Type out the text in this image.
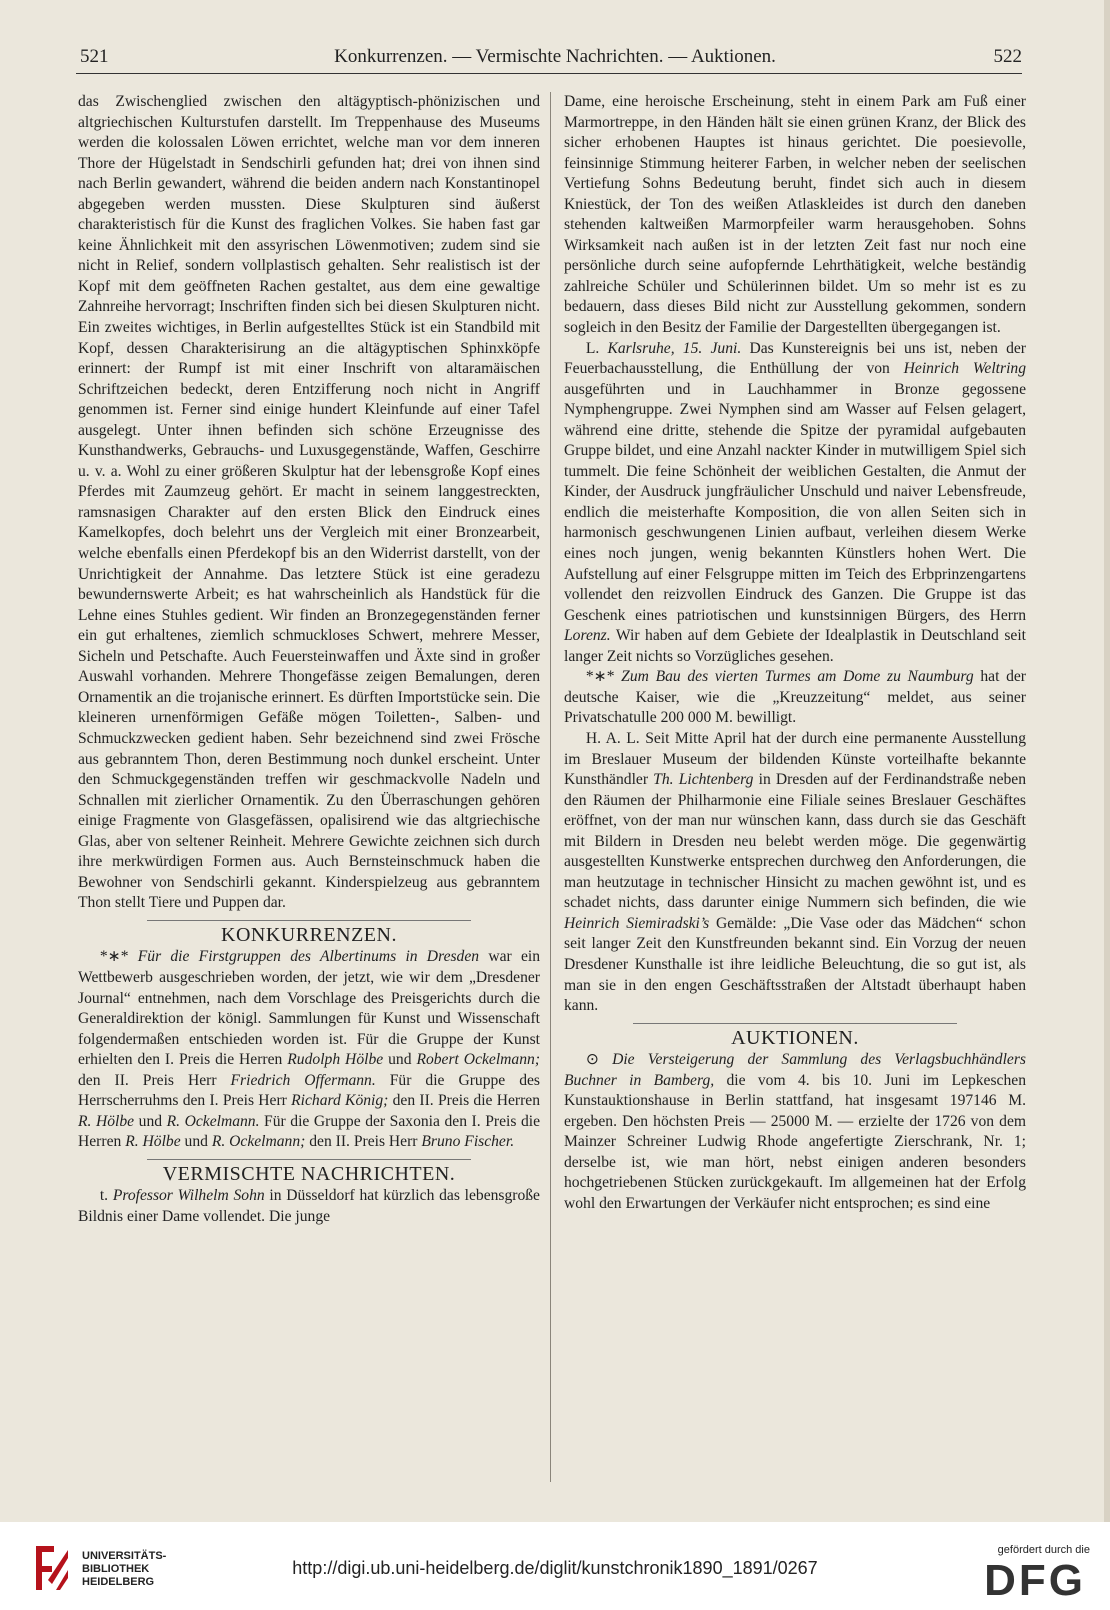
521	Konkurrenzen. — Vermischte Nachrichten. — Auktionen.	522

das Zwischenglied zwischen den altägyptisch-phönizischen und altgriechischen Kulturstufen darstellt. Im Treppenhause des Museums werden die kolossalen Löwen errichtet, welche man vor dem inneren Thore der Hügelstadt in Sendschirli gefunden hat; drei von ihnen sind nach Berlin gewandert, während die beiden andern nach Konstantinopel abgegeben werden mussten. Diese Skulpturen sind äußerst charakteristisch für die Kunst des fraglichen Volkes. Sie haben fast gar keine Ähnlichkeit mit den assyrischen Löwenmotiven; zudem sind sie nicht in Relief, sondern vollplastisch gehalten. Sehr realistisch ist der Kopf mit dem geöffneten Rachen gestaltet, aus dem eine gewaltige Zahnreihe hervorragt; Inschriften finden sich bei diesen Skulpturen nicht. Ein zweites wichtiges, in Berlin aufgestelltes Stück ist ein Standbild mit Kopf, dessen Charakterisirung an die altägyptischen Sphinxköpfe erinnert: der Rumpf ist mit einer Inschrift von altaramäischen Schriftzeichen bedeckt, deren Entzifferung noch nicht in Angriff genommen ist. Ferner sind einige hundert Kleinfunde auf einer Tafel ausgelegt. Unter ihnen befinden sich schöne Erzeugnisse des Kunsthandwerks, Gebrauchs- und Luxusgegenstände, Waffen, Geschirre u. v. a. Wohl zu einer größeren Skulptur hat der lebensgroße Kopf eines Pferdes mit Zaumzeug gehört. Er macht in seinem langgestreckten, ramsnasigen Charakter auf den ersten Blick den Eindruck eines Kamelkopfes, doch belehrt uns der Vergleich mit einer Bronzearbeit, welche ebenfalls einen Pferdekopf bis an den Widerrist darstellt, von der Unrichtigkeit der Annahme. Das letztere Stück ist eine geradezu bewundernswerte Arbeit; es hat wahrscheinlich als Handstück für die Lehne eines Stuhles gedient. Wir finden an Bronzegegenständen ferner ein gut erhaltenes, ziemlich schmuckloses Schwert, mehrere Messer, Sicheln und Petschafte. Auch Feuersteinwaffen und Äxte sind in großer Auswahl vorhanden. Mehrere Thongefässe zeigen Bemalungen, deren Ornamentik an die trojanische erinnert. Es dürften Importstücke sein. Die kleineren urnenförmigen Gefäße mögen Toiletten-, Salben- und Schmuckzwecken gedient haben. Sehr bezeichnend sind zwei Frösche aus gebranntem Thon, deren Bestimmung noch dunkel erscheint. Unter den Schmuckgegenständen treffen wir geschmackvolle Nadeln und Schnallen mit zierlicher Ornamentik. Zu den Überraschungen gehören einige Fragmente von Glasgefässen, opalisirend wie das altgriechische Glas, aber von seltener Reinheit. Mehrere Gewichte zeichnen sich durch ihre merkwürdigen Formen aus. Auch Bernsteinschmuck haben die Bewohner von Sendschirli gekannt. Kinderspielzeug aus gebranntem Thon stellt Tiere und Puppen dar.

KONKURRENZEN.

*∗* Für die Firstgruppen des Albertinums in Dresden war ein Wettbewerb ausgeschrieben worden, der jetzt, wie wir dem „Dresdener Journal“ entnehmen, nach dem Vorschlage des Preisgerichts durch die Generaldirektion der königl. Sammlungen für Kunst und Wissenschaft folgendermaßen entschieden worden ist. Für die Gruppe der Kunst erhielten den I. Preis die Herren Rudolph Hölbe und Robert Ockelmann; den II. Preis Herr Friedrich Offermann. Für die Gruppe des Herrscherruhms den I. Preis Herr Richard König; den II. Preis die Herren R. Hölbe und R. Ockelmann. Für die Gruppe der Saxonia den I. Preis die Herren R. Hölbe und R. Ockelmann; den II. Preis Herr Bruno Fischer.

VERMISCHTE NACHRICHTEN.

t. Professor Wilhelm Sohn in Düsseldorf hat kürzlich das lebensgroße Bildnis einer Dame vollendet. Die junge

Dame, eine heroische Erscheinung, steht in einem Park am Fuß einer Marmortreppe, in den Händen hält sie einen grünen Kranz, der Blick des sicher erhobenen Hauptes ist hinaus gerichtet. Die poesievolle, feinsinnige Stimmung heiterer Farben, in welcher neben der seelischen Vertiefung Sohns Bedeutung beruht, findet sich auch in diesem Kniestück, der Ton des weißen Atlaskleides ist durch den daneben stehenden kaltweißen Marmorpfeiler warm herausgehoben. Sohns Wirksamkeit nach außen ist in der letzten Zeit fast nur noch eine persönliche durch seine aufopfernde Lehrthätigkeit, welche beständig zahlreiche Schüler und Schülerinnen bildet. Um so mehr ist es zu bedauern, dass dieses Bild nicht zur Ausstellung gekommen, sondern sogleich in den Besitz der Familie der Dargestellten übergegangen ist.

L. Karlsruhe, 15. Juni. Das Kunstereignis bei uns ist, neben der Feuerbachausstellung, die Enthüllung der von Heinrich Weltring ausgeführten und in Lauchhammer in Bronze gegossene Nymphengruppe. Zwei Nymphen sind am Wasser auf Felsen gelagert, während eine dritte, stehende die Spitze der pyramidal aufgebauten Gruppe bildet, und eine Anzahl nackter Kinder in mutwilligem Spiel sich tummelt. Die feine Schönheit der weiblichen Gestalten, die Anmut der Kinder, der Ausdruck jungfräulicher Unschuld und naiver Lebensfreude, endlich die meisterhafte Komposition, die von allen Seiten sich in harmonisch geschwungenen Linien aufbaut, verleihen diesem Werke eines noch jungen, wenig bekannten Künstlers hohen Wert. Die Aufstellung auf einer Felsgruppe mitten im Teich des Erbprinzengartens vollendet den reizvollen Eindruck des Ganzen. Die Gruppe ist das Geschenk eines patriotischen und kunstsinnigen Bürgers, des Herrn Lorenz. Wir haben auf dem Gebiete der Idealplastik in Deutschland seit langer Zeit nichts so Vorzügliches gesehen.

*∗* Zum Bau des vierten Turmes am Dome zu Naumburg hat der deutsche Kaiser, wie die „Kreuzzeitung“ meldet, aus seiner Privatschatulle 200 000 M. bewilligt.

H. A. L. Seit Mitte April hat der durch eine permanente Ausstellung im Breslauer Museum der bildenden Künste vorteilhafte bekannte Kunsthändler Th. Lichtenberg in Dresden auf der Ferdinandstraße neben den Räumen der Philharmonie eine Filiale seines Breslauer Geschäftes eröffnet, von der man nur wünschen kann, dass durch sie das Geschäft mit Bildern in Dresden neu belebt werden möge. Die gegenwärtig ausgestellten Kunstwerke entsprechen durchweg den Anforderungen, die man heutzutage in technischer Hinsicht zu machen gewöhnt ist, und es schadet nichts, dass darunter einige Nummern sich befinden, die wie Heinrich Siemiradski’s Gemälde: „Die Vase oder das Mädchen“ schon seit langer Zeit den Kunstfreunden bekannt sind. Ein Vorzug der neuen Dresdener Kunsthalle ist ihre leidliche Beleuchtung, die so gut ist, als man sie in den engen Geschäftsstraßen der Altstadt überhaupt haben kann.

AUKTIONEN.

⊙ Die Versteigerung der Sammlung des Verlagsbuchhändlers Buchner in Bamberg, die vom 4. bis 10. Juni im Lepkeschen Kunstauktionshause in Berlin stattfand, hat insgesamt 197146 M. ergeben. Den höchsten Preis — 25000 M. — erzielte der 1726 von dem Mainzer Schreiner Ludwig Rhode angefertigte Zierschrank, Nr. 1; derselbe ist, wie man hört, nebst einigen anderen besonders hochgetriebenen Stücken zurückgekauft. Im allgemeinen hat der Erfolg wohl den Erwartungen der Verkäufer nicht entsprochen; es sind eine

UNIVERSITÄTS-
BIBLIOTHEK
HEIDELBERG
http://digi.ub.uni-heidelberg.de/diglit/kunstchronik1890_1891/0267
gefördert durch die
DFG
